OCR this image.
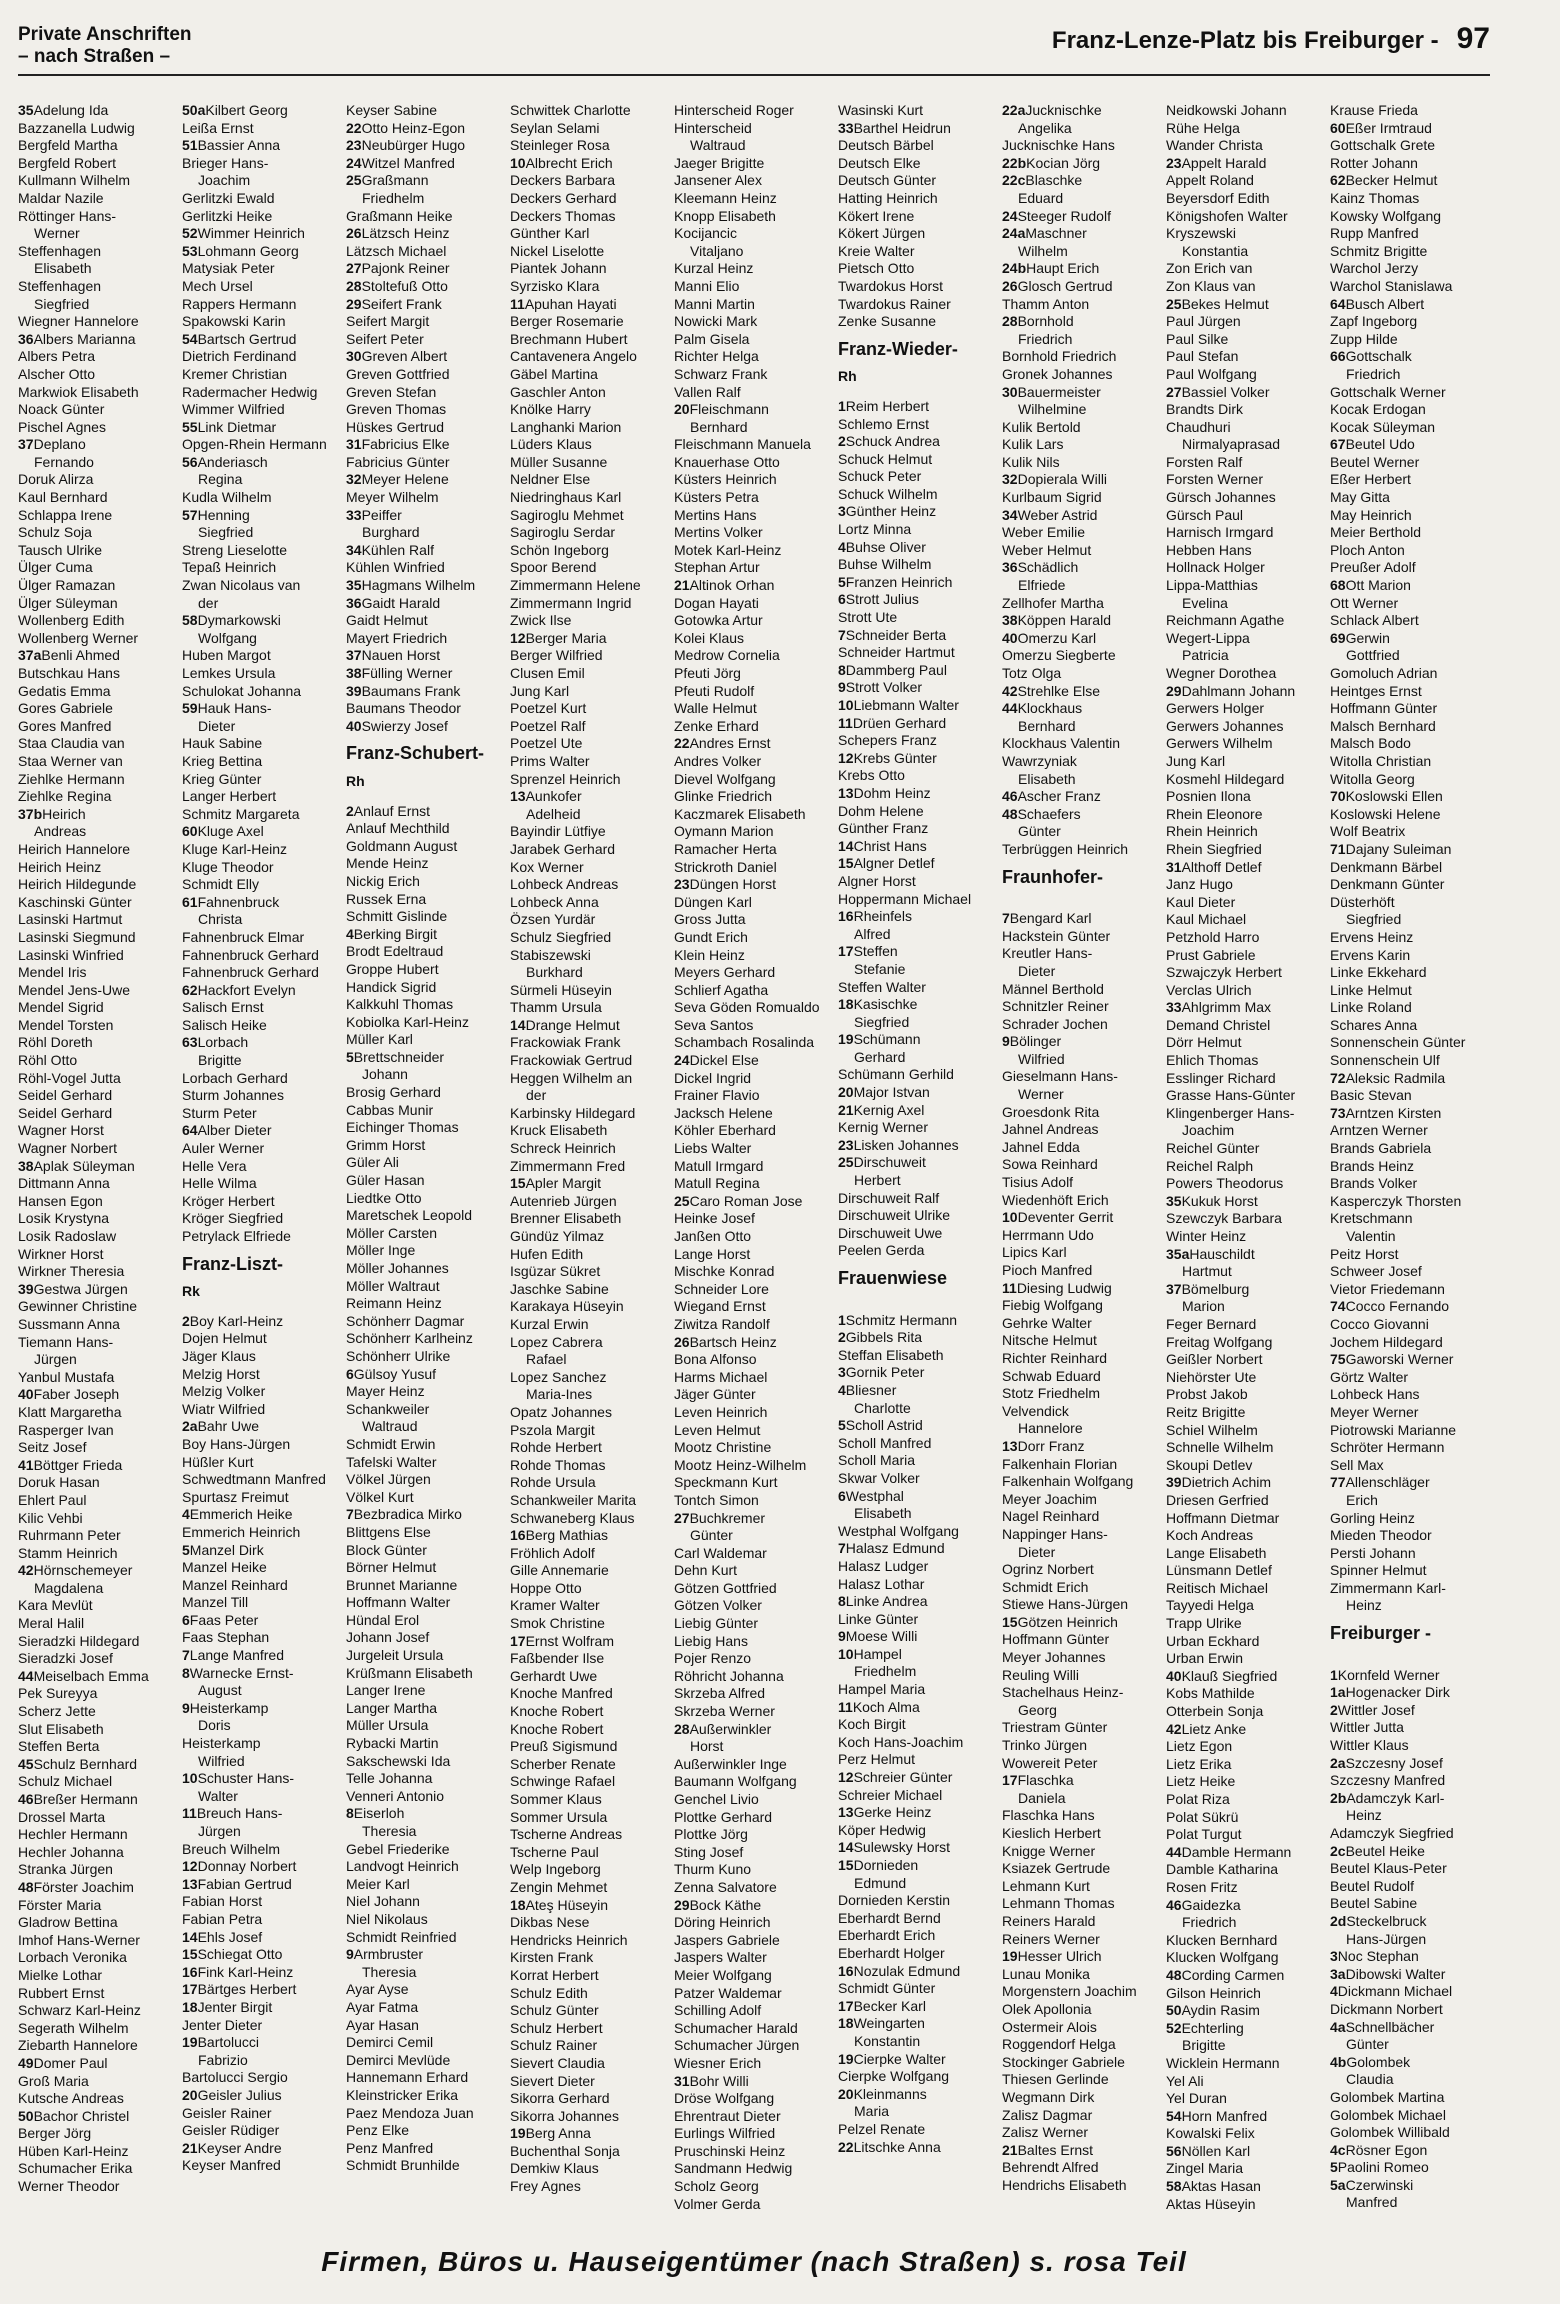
Private Anschriften
– nach Straßen –
Franz-Lenze-Platz bis Freiburger - 97
35Adelung Ida
Bazzanella Ludwig
Bergfeld Martha
Bergfeld Robert
Kullmann Wilhelm
Maldar Nazile
Röttinger Hans-
Werner
Steffenhagen
Elisabeth
Steffenhagen
Siegfried
Wiegner Hannelore
36Albers Marianna
Albers Petra
Alscher Otto
Markwiok Elisabeth
Noack Günter
Pischel Agnes
37Deplano
Fernando
Doruk Alirza
Kaul Bernhard
Schlappa Irene
Schulz Soja
Tausch Ulrike
Ülger Cuma
Ülger Ramazan
Ülger Süleyman
Wollenberg Edith
Wollenberg Werner
37aBenli Ahmed
Butschkau Hans
Gedatis Emma
Gores Gabriele
Gores Manfred
Staa Claudia van
Staa Werner van
Ziehlke Hermann
Ziehlke Regina
37bHeirich
Andreas
Heirich Hannelore
Heirich Heinz
Heirich Hildegunde
Kaschinski Günter
Lasinski Hartmut
Lasinski Siegmund
Lasinski Winfried
Mendel Iris
Mendel Jens-Uwe
Mendel Sigrid
Mendel Torsten
Röhl Doreth
Röhl Otto
Röhl-Vogel Jutta
Seidel Gerhard
Seidel Gerhard
Wagner Horst
Wagner Norbert
38Aplak Süleyman
Dittmann Anna
Hansen Egon
Losik Krystyna
Losik Radoslaw
Wirkner Horst
Wirkner Theresia
39Gestwa Jürgen
Gewinner Christine
Sussmann Anna
Tiemann Hans-
Jürgen
Yanbul Mustafa
40Faber Joseph
Klatt Margaretha
Rasperger Ivan
Seitz Josef
41Böttger Frieda
Doruk Hasan
Ehlert Paul
Kilic Vehbi
Ruhrmann Peter
Stamm Heinrich
42Hörnschemeyer
Magdalena
Kara Mevlüt
Meral Halil
Sieradzki Hildegard
Sieradzki Josef
44Meiselbach Emma
Pek Sureyya
Scherz Jette
Slut Elisabeth
Steffen Berta
45Schulz Bernhard
Schulz Michael
46Breßer Hermann
Drossel Marta
Hechler Hermann
Hechler Johanna
Stranka Jürgen
48Förster Joachim
Förster Maria
Gladrow Bettina
Imhof Hans-Werner
Lorbach Veronika
Mielke Lothar
Rubbert Ernst
Schwarz Karl-Heinz
Segerath Wilhelm
Ziebarth Hannelore
49Domer Paul
Groß Maria
Kutsche Andreas
50Bachor Christel
Berger Jörg
Hüben Karl-Heinz
Schumacher Erika
Werner Theodor
50aKilbert Georg
Leißa Ernst
51Bassier Anna
Brieger Hans-
Joachim
Gerlitzki Ewald
Gerlitzki Heike
52Wimmer Heinrich
53Lohmann Georg
Matysiak Peter
Mech Ursel
Rappers Hermann
Spakowski Karin
54Bartsch Gertrud
Dietrich Ferdinand
Kremer Christian
Radermacher Hedwig
Wimmer Wilfried
55Link Dietmar
Opgen-Rhein Hermann
56Anderiasch
Regina
Kudla Wilhelm
57Henning
Siegfried
Streng Lieselotte
Tepaß Heinrich
Zwan Nicolaus van
der
58Dymarkowski
Wolfgang
Huben Margot
Lemkes Ursula
Schulokat Johanna
59Hauk Hans-
Dieter
Hauk Sabine
Krieg Bettina
Krieg Günter
Langer Herbert
Schmitz Margareta
60Kluge Axel
Kluge Karl-Heinz
Kluge Theodor
Schmidt Elly
61Fahnenbruck
Christa
Fahnenbruck Elmar
Fahnenbruck Gerhard
Fahnenbruck Gerhard
62Hackfort Evelyn
Salisch Ernst
Salisch Heike
63Lorbach
Brigitte
Lorbach Gerhard
Sturm Johannes
Sturm Peter
64Alber Dieter
Auler Werner
Helle Vera
Helle Wilma
Kröger Herbert
Kröger Siegfried
Petrylack Elfriede
Franz-Liszt-
Rk
2Boy Karl-Heinz
Dojen Helmut
Jäger Klaus
Melzig Horst
Melzig Volker
Wiatr Wilfried
2aBahr Uwe
Boy Hans-Jürgen
Hüßler Kurt
Schwedtmann Manfred
Spurtasz Freimut
4Emmerich Heike
Emmerich Heinrich
5Manzel Dirk
Manzel Heike
Manzel Reinhard
Manzel Till
6Faas Peter
Faas Stephan
7Lange Manfred
8Warnecke Ernst-
August
9Heisterkamp
Doris
Heisterkamp
Wilfried
10Schuster Hans-
Walter
11Breuch Hans-
Jürgen
Breuch Wilhelm
12Donnay Norbert
13Fabian Gertrud
Fabian Horst
Fabian Petra
14Ehls Josef
15Schiegat Otto
16Fink Karl-Heinz
17Bärtges Herbert
18Jenter Birgit
Jenter Dieter
19Bartolucci
Fabrizio
Bartolucci Sergio
20Geisler Julius
Geisler Rainer
Geisler Rüdiger
21Keyser Andre
Keyser Manfred
Keyser Sabine
22Otto Heinz-Egon
23Neubürger Hugo
24Witzel Manfred
25Graßmann
Friedhelm
Graßmann Heike
26Lätzsch Heinz
Lätzsch Michael
27Pajonk Reiner
28Stoltefuß Otto
29Seifert Frank
Seifert Margit
Seifert Peter
30Greven Albert
Greven Gottfried
Greven Stefan
Greven Thomas
Hüskes Gertrud
31Fabricius Elke
Fabricius Günter
32Meyer Helene
Meyer Wilhelm
33Peiffer
Burghard
34Kühlen Ralf
Kühlen Winfried
35Hagmans Wilhelm
36Gaidt Harald
Gaidt Helmut
Mayert Friedrich
37Nauen Horst
38Fülling Werner
39Baumans Frank
Baumans Theodor
40Swierzy Josef
Franz-Schubert-
Rh
2Anlauf Ernst
Anlauf Mechthild
Goldmann August
Mende Heinz
Nickig Erich
Russek Erna
Schmitt Gislinde
4Berking Birgit
Brodt Edeltraud
Groppe Hubert
Handick Sigrid
Kalkkuhl Thomas
Kobiolka Karl-Heinz
Müller Karl
5Brettschneider
Johann
Brosig Gerhard
Cabbas Munir
Eichinger Thomas
Grimm Horst
Güler Ali
Güler Hasan
Liedtke Otto
Maretschek Leopold
Möller Carsten
Möller Inge
Möller Johannes
Möller Waltraut
Reimann Heinz
Schönherr Dagmar
Schönherr Karlheinz
Schönherr Ulrike
6Gülsoy Yusuf
Mayer Heinz
Schankweiler
Waltraud
Schmidt Erwin
Tafelski Walter
Völkel Jürgen
Völkel Kurt
7Bezbradica Mirko
Blittgens Else
Block Günter
Börner Helmut
Brunnet Marianne
Hoffmann Walter
Hündal Erol
Johann Josef
Jurgeleit Ursula
Krüßmann Elisabeth
Langer Irene
Langer Martha
Müller Ursula
Rybacki Martin
Sakschewski Ida
Telle Johanna
Venneri Antonio
8Eiserloh
Theresia
Gebel Friederike
Landvogt Heinrich
Meier Karl
Niel Johann
Niel Nikolaus
Schmidt Reinfried
9Armbruster
Theresia
Ayar Ayse
Ayar Fatma
Ayar Hasan
Demirci Cemil
Demirci Mevlüde
Hannemann Erhard
Kleinstricker Erika
Paez Mendoza Juan
Penz Elke
Penz Manfred
Schmidt Brunhilde
Schwittek Charlotte
Seylan Selami
Steinleger Rosa
10Albrecht Erich
Deckers Barbara
Deckers Gerhard
Deckers Thomas
Günther Karl
Nickel Liselotte
Piantek Johann
Syrzisko Klara
11Apuhan Hayati
Berger Rosemarie
Brechmann Hubert
Cantavenera Angelo
Gäbel Martina
Gaschler Anton
Knölke Harry
Langhanki Marion
Lüders Klaus
Müller Susanne
Neldner Else
Niedringhaus Karl
Sagiroglu Mehmet
Sagiroglu Serdar
Schön Ingeborg
Spoor Berend
Zimmermann Helene
Zimmermann Ingrid
Zwick Ilse
12Berger Maria
Berger Wilfried
Clusen Emil
Jung Karl
Poetzel Kurt
Poetzel Ralf
Poetzel Ute
Prims Walter
Sprenzel Heinrich
13Aunkofer
Adelheid
Bayindir Lütfiye
Jarabek Gerhard
Kox Werner
Lohbeck Andreas
Lohbeck Anna
Özsen Yurdär
Schulz Siegfried
Stabiszewski
Burkhard
Sürmeli Hüseyin
Thamm Ursula
14Drange Helmut
Frackowiak Frank
Frackowiak Gertrud
Heggen Wilhelm an
der
Karbinsky Hildegard
Kruck Elisabeth
Schreck Heinrich
Zimmermann Fred
15Apler Margit
Autenrieb Jürgen
Brenner Elisabeth
Gündüz Yilmaz
Hufen Edith
Isgüzar Sükret
Jaschke Sabine
Karakaya Hüseyin
Kurzal Erwin
Lopez Cabrera
Rafael
Lopez Sanchez
Maria-Ines
Opatz Johannes
Pszola Margit
Rohde Herbert
Rohde Thomas
Rohde Ursula
Schankweiler Marita
Schwaneberg Klaus
16Berg Mathias
Fröhlich Adolf
Gille Annemarie
Hoppe Otto
Kramer Walter
Smok Christine
17Ernst Wolfram
Faßbender Ilse
Gerhardt Uwe
Knoche Manfred
Knoche Robert
Knoche Robert
Preuß Sigismund
Scherber Renate
Schwinge Rafael
Sommer Klaus
Sommer Ursula
Tscherne Andreas
Tscherne Paul
Welp Ingeborg
Zengin Mehmet
18Ateş Hüseyin
Dikbas Nese
Hendricks Heinrich
Kirsten Frank
Korrat Herbert
Schulz Edith
Schulz Günter
Schulz Herbert
Schulz Rainer
Sievert Claudia
Sievert Dieter
Sikorra Gerhard
Sikorra Johannes
19Berg Anna
Buchenthal Sonja
Demkiw Klaus
Frey Agnes
Hinterscheid Roger
Hinterscheid
Waltraud
Jaeger Brigitte
Jansener Alex
Kleemann Heinz
Knopp Elisabeth
Kocijancic
Vitaljano
Kurzal Heinz
Manni Elio
Manni Martin
Nowicki Mark
Palm Gisela
Richter Helga
Schwarz Frank
Vallen Ralf
20Fleischmann
Bernhard
Fleischmann Manuela
Knauerhase Otto
Küsters Heinrich
Küsters Petra
Mertins Hans
Mertins Volker
Motek Karl-Heinz
Stephan Artur
21Altinok Orhan
Dogan Hayati
Gotowka Artur
Kolei Klaus
Medrow Cornelia
Pfeuti Jörg
Pfeuti Rudolf
Walle Helmut
Zenke Erhard
22Andres Ernst
Andres Volker
Dievel Wolfgang
Glinke Friedrich
Kaczmarek Elisabeth
Oymann Marion
Ramacher Herta
Strickroth Daniel
23Düngen Horst
Düngen Karl
Gross Jutta
Gundt Erich
Klein Heinz
Meyers Gerhard
Schlierf Agatha
Seva Göden Romualdo
Seva Santos
Schambach Rosalinda
24Dickel Else
Dickel Ingrid
Frainer Flavio
Jacksch Helene
Köhler Eberhard
Liebs Walter
Matull Irmgard
Matull Regina
25Caro Roman Jose
Heinke Josef
Janßen Otto
Lange Horst
Mischke Konrad
Schneider Lore
Wiegand Ernst
Ziwitza Randolf
26Bartsch Heinz
Bona Alfonso
Harms Michael
Jäger Günter
Leven Heinrich
Leven Helmut
Mootz Christine
Mootz Heinz-Wilhelm
Speckmann Kurt
Tontch Simon
27Buchkremer
Günter
Carl Waldemar
Dehn Kurt
Götzen Gottfried
Götzen Volker
Liebig Günter
Liebig Hans
Pojer Renzo
Röhricht Johanna
Skrzeba Alfred
Skrzeba Werner
28Außerwinkler
Horst
Außerwinkler Inge
Baumann Wolfgang
Genchel Livio
Plottke Gerhard
Plottke Jörg
Sting Josef
Thurm Kuno
Zenna Salvatore
29Bock Käthe
Döring Heinrich
Jaspers Gabriele
Jaspers Walter
Meier Wolfgang
Patzer Waldemar
Schilling Adolf
Schumacher Harald
Schumacher Jürgen
Wiesner Erich
31Bohr Willi
Dröse Wolfgang
Ehrentraut Dieter
Eurlings Wilfried
Pruschinski Heinz
Sandmann Hedwig
Scholz Georg
Volmer Gerda
Wasinski Kurt
33Barthel Heidrun
Deutsch Bärbel
Deutsch Elke
Deutsch Günter
Hatting Heinrich
Kökert Irene
Kökert Jürgen
Kreie Walter
Pietsch Otto
Twardokus Horst
Twardokus Rainer
Zenke Susanne
Franz-Wieder-
Rh
1Reim Herbert
Schlemo Ernst
2Schuck Andrea
Schuck Helmut
Schuck Peter
Schuck Wilhelm
3Günther Heinz
Lortz Minna
4Buhse Oliver
Buhse Wilhelm
5Franzen Heinrich
6Strott Julius
Strott Ute
7Schneider Berta
Schneider Hartmut
8Dammberg Paul
9Strott Volker
10Liebmann Walter
11Drüen Gerhard
Schepers Franz
12Krebs Günter
Krebs Otto
13Dohm Heinz
Dohm Helene
Günther Franz
14Christ Hans
15Algner Detlef
Algner Horst
Hoppermann Michael
16Rheinfels
Alfred
17Steffen
Stefanie
Steffen Walter
18Kasischke
Siegfried
19Schümann
Gerhard
Schümann Gerhild
20Major Istvan
21Kernig Axel
Kernig Werner
23Lisken Johannes
25Dirschuweit
Herbert
Dirschuweit Ralf
Dirschuweit Ulrike
Dirschuweit Uwe
Peelen Gerda
Frauenwiese
1Schmitz Hermann
2Gibbels Rita
Steffan Elisabeth
3Gornik Peter
4Bliesner
Charlotte
5Scholl Astrid
Scholl Manfred
Scholl Maria
Skwar Volker
6Westphal
Elisabeth
Westphal Wolfgang
7Halasz Edmund
Halasz Ludger
Halasz Lothar
8Linke Andrea
Linke Günter
9Moese Willi
10Hampel
Friedhelm
Hampel Maria
11Koch Alma
Koch Birgit
Koch Hans-Joachim
Perz Helmut
12Schreier Günter
Schreier Michael
13Gerke Heinz
Köper Hedwig
14Sulewsky Horst
15Dornieden
Edmund
Dornieden Kerstin
Eberhardt Bernd
Eberhardt Erich
Eberhardt Holger
16Nozulak Edmund
Schmidt Günter
17Becker Karl
18Weingarten
Konstantin
19Cierpke Walter
Cierpke Wolfgang
20Kleinmanns
Maria
Pelzel Renate
22Litschke Anna
22aJucknischke
Angelika
Jucknischke Hans
22bKocian Jörg
22cBlaschke
Eduard
24Steeger Rudolf
24aMaschner
Wilhelm
24bHaupt Erich
26Glosch Gertrud
Thamm Anton
28Bornhold
Friedrich
Bornhold Friedrich
Gronek Johannes
30Bauermeister
Wilhelmine
Kulik Bertold
Kulik Lars
Kulik Nils
32Dopierala Willi
Kurlbaum Sigrid
34Weber Astrid
Weber Emilie
Weber Helmut
36Schädlich
Elfriede
Zellhofer Martha
38Köppen Harald
40Omerzu Karl
Omerzu Siegberte
Totz Olga
42Strehlke Else
44Klockhaus
Bernhard
Klockhaus Valentin
Wawrzyniak
Elisabeth
46Ascher Franz
48Schaefers
Günter
Terbrüggen Heinrich
Fraunhofer-
7Bengard Karl
Hackstein Günter
Kreutler Hans-
Dieter
Männel Berthold
Schnitzler Reiner
Schrader Jochen
9Bölinger
Wilfried
Gieselmann Hans-
Werner
Groesdonk Rita
Jahnel Andreas
Jahnel Edda
Sowa Reinhard
Tisius Adolf
Wiedenhöft Erich
10Deventer Gerrit
Herrmann Udo
Lipics Karl
Pioch Manfred
11Diesing Ludwig
Fiebig Wolfgang
Gehrke Walter
Nitsche Helmut
Richter Reinhard
Schwab Eduard
Stotz Friedhelm
Velvendick
Hannelore
13Dorr Franz
Falkenhain Florian
Falkenhain Wolfgang
Meyer Joachim
Nagel Reinhard
Nappinger Hans-
Dieter
Ogrinz Norbert
Schmidt Erich
Stiewe Hans-Jürgen
15Götzen Heinrich
Hoffmann Günter
Meyer Johannes
Reuling Willi
Stachelhaus Heinz-
Georg
Triestram Günter
Trinko Jürgen
Wowereit Peter
17Flaschka
Daniela
Flaschka Hans
Kieslich Herbert
Knigge Werner
Ksiazek Gertrude
Lehmann Kurt
Lehmann Thomas
Reiners Harald
Reiners Werner
19Hesser Ulrich
Lunau Monika
Morgenstern Joachim
Olek Apollonia
Ostermeir Alois
Roggendorf Helga
Stockinger Gabriele
Thiesen Gerlinde
Wegmann Dirk
Zalisz Dagmar
Zalisz Werner
21Baltes Ernst
Behrendt Alfred
Hendrichs Elisabeth
Neidkowski Johann
Rühe Helga
Wander Christa
23Appelt Harald
Appelt Roland
Beyersdorf Edith
Königshofen Walter
Kryszewski
Konstantia
Zon Erich van
Zon Klaus van
25Bekes Helmut
Paul Jürgen
Paul Silke
Paul Stefan
Paul Wolfgang
27Bassiel Volker
Brandts Dirk
Chaudhuri
Nirmalyaprasad
Forsten Ralf
Forsten Werner
Gürsch Johannes
Gürsch Paul
Harnisch Irmgard
Hebben Hans
Hollnack Holger
Lippa-Matthias
Evelina
Reichmann Agathe
Wegert-Lippa
Patricia
Wegner Dorothea
29Dahlmann Johann
Gerwers Holger
Gerwers Johannes
Gerwers Wilhelm
Jung Karl
Kosmehl Hildegard
Posnien Ilona
Rhein Eleonore
Rhein Heinrich
Rhein Siegfried
31Althoff Detlef
Janz Hugo
Kaul Dieter
Kaul Michael
Petzhold Harro
Prust Gabriele
Szwajczyk Herbert
Verclas Ulrich
33Ahlgrimm Max
Demand Christel
Dörr Helmut
Ehlich Thomas
Esslinger Richard
Grasse Hans-Günter
Klingenberger Hans-
Joachim
Reichel Günter
Reichel Ralph
Powers Theodorus
35Kukuk Horst
Szewczyk Barbara
Winter Heinz
35aHauschildt
Hartmut
37Bömelburg
Marion
Feger Bernard
Freitag Wolfgang
Geißler Norbert
Niehörster Ute
Probst Jakob
Reitz Brigitte
Schiel Wilhelm
Schnelle Wilhelm
Skoupi Detlev
39Dietrich Achim
Driesen Gerfried
Hoffmann Dietmar
Koch Andreas
Lange Elisabeth
Lünsmann Detlef
Reitisch Michael
Tayyedi Helga
Trapp Ulrike
Urban Eckhard
Urban Erwin
40Klauß Siegfried
Kobs Mathilde
Otterbein Sonja
42Lietz Anke
Lietz Egon
Lietz Erika
Lietz Heike
Polat Riza
Polat Sükrü
Polat Turgut
44Damble Hermann
Damble Katharina
Rosen Fritz
46Gaidezka
Friedrich
Klucken Bernhard
Klucken Wolfgang
48Cording Carmen
Gilson Heinrich
50Aydin Rasim
52Echterling
Brigitte
Wicklein Hermann
Yel Ali
Yel Duran
54Horn Manfred
Kowalski Felix
56Nöllen Karl
Zingel Maria
58Aktas Hasan
Aktas Hüseyin
Krause Frieda
60Eßer Irmtraud
Gottschalk Grete
Rotter Johann
62Becker Helmut
Kainz Thomas
Kowsky Wolfgang
Rupp Manfred
Schmitz Brigitte
Warchol Jerzy
Warchol Stanislawa
64Busch Albert
Zapf Ingeborg
Zupp Hilde
66Gottschalk
Friedrich
Gottschalk Werner
Kocak Erdogan
Kocak Süleyman
67Beutel Udo
Beutel Werner
Eßer Herbert
May Gitta
May Heinrich
Meier Berthold
Ploch Anton
Preußer Adolf
68Ott Marion
Ott Werner
Schlack Albert
69Gerwin
Gottfried
Gomoluch Adrian
Heintges Ernst
Hoffmann Günter
Malsch Bernhard
Malsch Bodo
Witolla Christian
Witolla Georg
70Koslowski Ellen
Koslowski Helene
Wolf Beatrix
71Dajany Suleiman
Denkmann Bärbel
Denkmann Günter
Düsterhöft
Siegfried
Ervens Heinz
Ervens Karin
Linke Ekkehard
Linke Helmut
Linke Roland
Schares Anna
Sonnenschein Günter
Sonnenschein Ulf
72Aleksic Radmila
Basic Stevan
73Arntzen Kirsten
Arntzen Werner
Brands Gabriela
Brands Heinz
Brands Volker
Kasperczyk Thorsten
Kretschmann
Valentin
Peitz Horst
Schweer Josef
Vietor Friedemann
74Cocco Fernando
Cocco Giovanni
Jochem Hildegard
75Gaworski Werner
Görtz Walter
Lohbeck Hans
Meyer Werner
Piotrowski Marianne
Schröter Hermann
Sell Max
77Allenschläger
Erich
Gorling Heinz
Mieden Theodor
Persti Johann
Spinner Helmut
Zimmermann Karl-
Heinz
Freiburger -
1Kornfeld Werner
1aHogenacker Dirk
2Wittler Josef
Wittler Jutta
Wittler Klaus
2aSzczesny Josef
Szczesny Manfred
2bAdamczyk Karl-
Heinz
Adamczyk Siegfried
2cBeutel Heike
Beutel Klaus-Peter
Beutel Rudolf
Beutel Sabine
2dSteckelbruck
Hans-Jürgen
3Noc Stephan
3aDibowski Walter
4Dickmann Michael
Dickmann Norbert
4aSchnellbächer
Günter
4bGolombek
Claudia
Golombek Martina
Golombek Michael
Golombek Willibald
4cRösner Egon
5Paolini Romeo
5aCzerwinski
Manfred
Firmen, Büros u. Hauseigentümer (nach Straßen) s. rosa Teil
